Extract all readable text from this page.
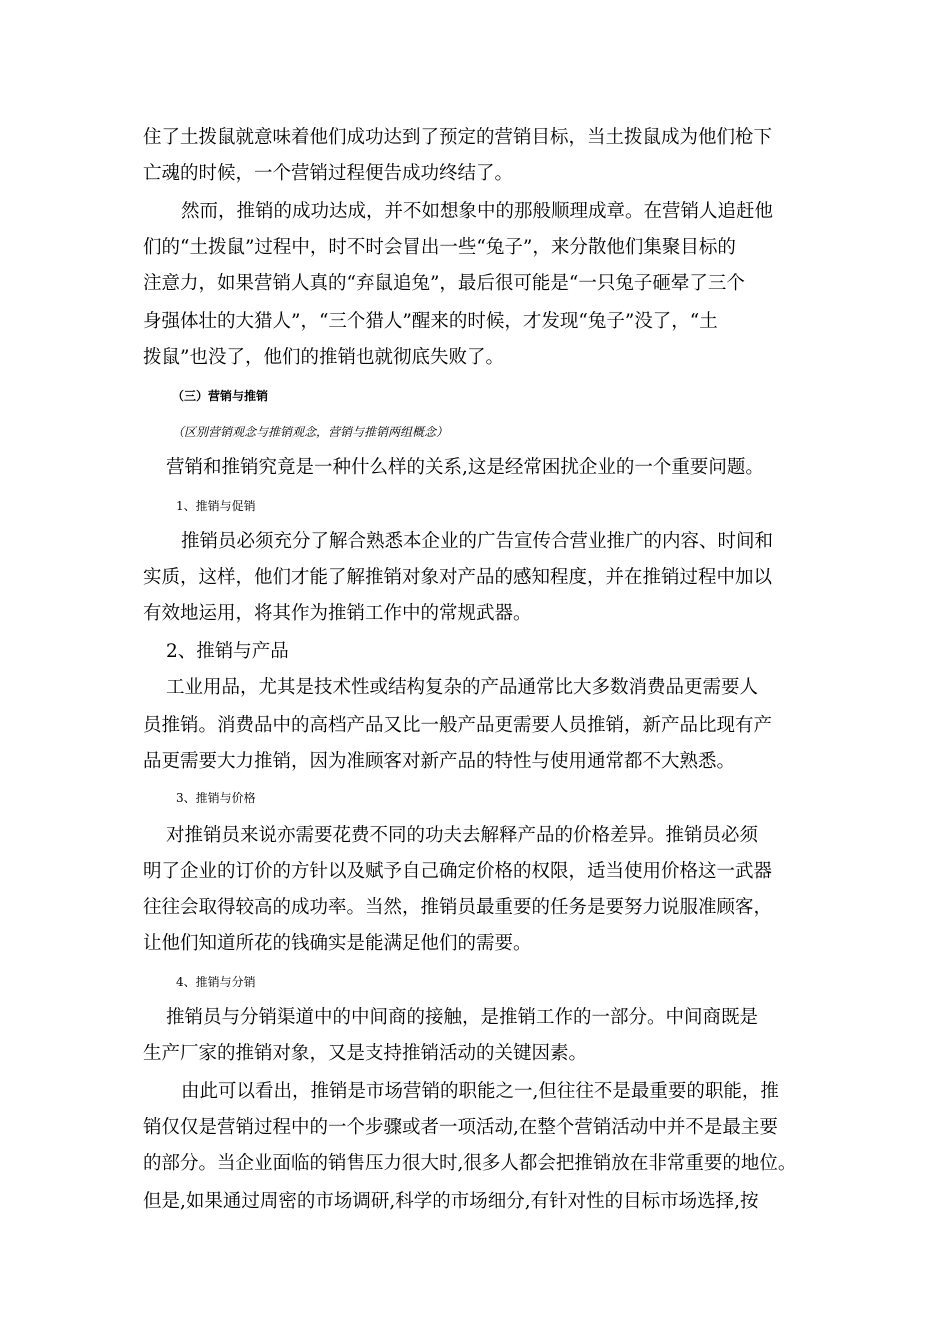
住了土拨鼠就意味着他们成功达到了预定的营销目标，当土拨鼠成为他们枪下
亡魂的时候，一个营销过程便告成功终结了。
然而，推销的成功达成，并不如想象中的那般顺理成章。在营销人追赶他
们的“土拨鼠”过程中，时不时会冒出一些“兔子”，来分散他们集聚目标的
注意力，如果营销人真的“弃鼠追兔”，最后很可能是“一只兔子砸晕了三个
身强体壮的大猎人”，“三个猎人”醒来的时候，才发现“兔子”没了，“土
拨鼠”也没了，他们的推销也就彻底失败了。
（三）营销与推销
（区别营销观念与推销观念，营销与推销两组概念）
营销和推销究竟是一种什么样的关系,这是经常困扰企业的一个重要问题。
1、推销与促销
推销员必须充分了解合熟悉本企业的广告宣传合营业推广的内容、时间和
实质，这样，他们才能了解推销对象对产品的感知程度，并在推销过程中加以
有效地运用，将其作为推销工作中的常规武器。
2、推销与产品
工业用品，尤其是技术性或结构复杂的产品通常比大多数消费品更需要人
员推销。消费品中的高档产品又比一般产品更需要人员推销，新产品比现有产
品更需要大力推销，因为准顾客对新产品的特性与使用通常都不大熟悉。
3、推销与价格
对推销员来说亦需要花费不同的功夫去解释产品的价格差异。推销员必须
明了企业的订价的方针以及赋予自己确定价格的权限，适当使用价格这一武器
往往会取得较高的成功率。当然，推销员最重要的任务是要努力说服准顾客，
让他们知道所花的钱确实是能满足他们的需要。
4、推销与分销
推销员与分销渠道中的中间商的接触，是推销工作的一部分。中间商既是
生产厂家的推销对象，又是支持推销活动的关键因素。
由此可以看出，推销是市场营销的职能之一,但往往不是最重要的职能，推
销仅仅是营销过程中的一个步骤或者一项活动,在整个营销活动中并不是最主要
的部分。当企业面临的销售压力很大时,很多人都会把推销放在非常重要的地位。
但是,如果通过周密的市场调研,科学的市场细分,有针对性的目标市场选择,按
